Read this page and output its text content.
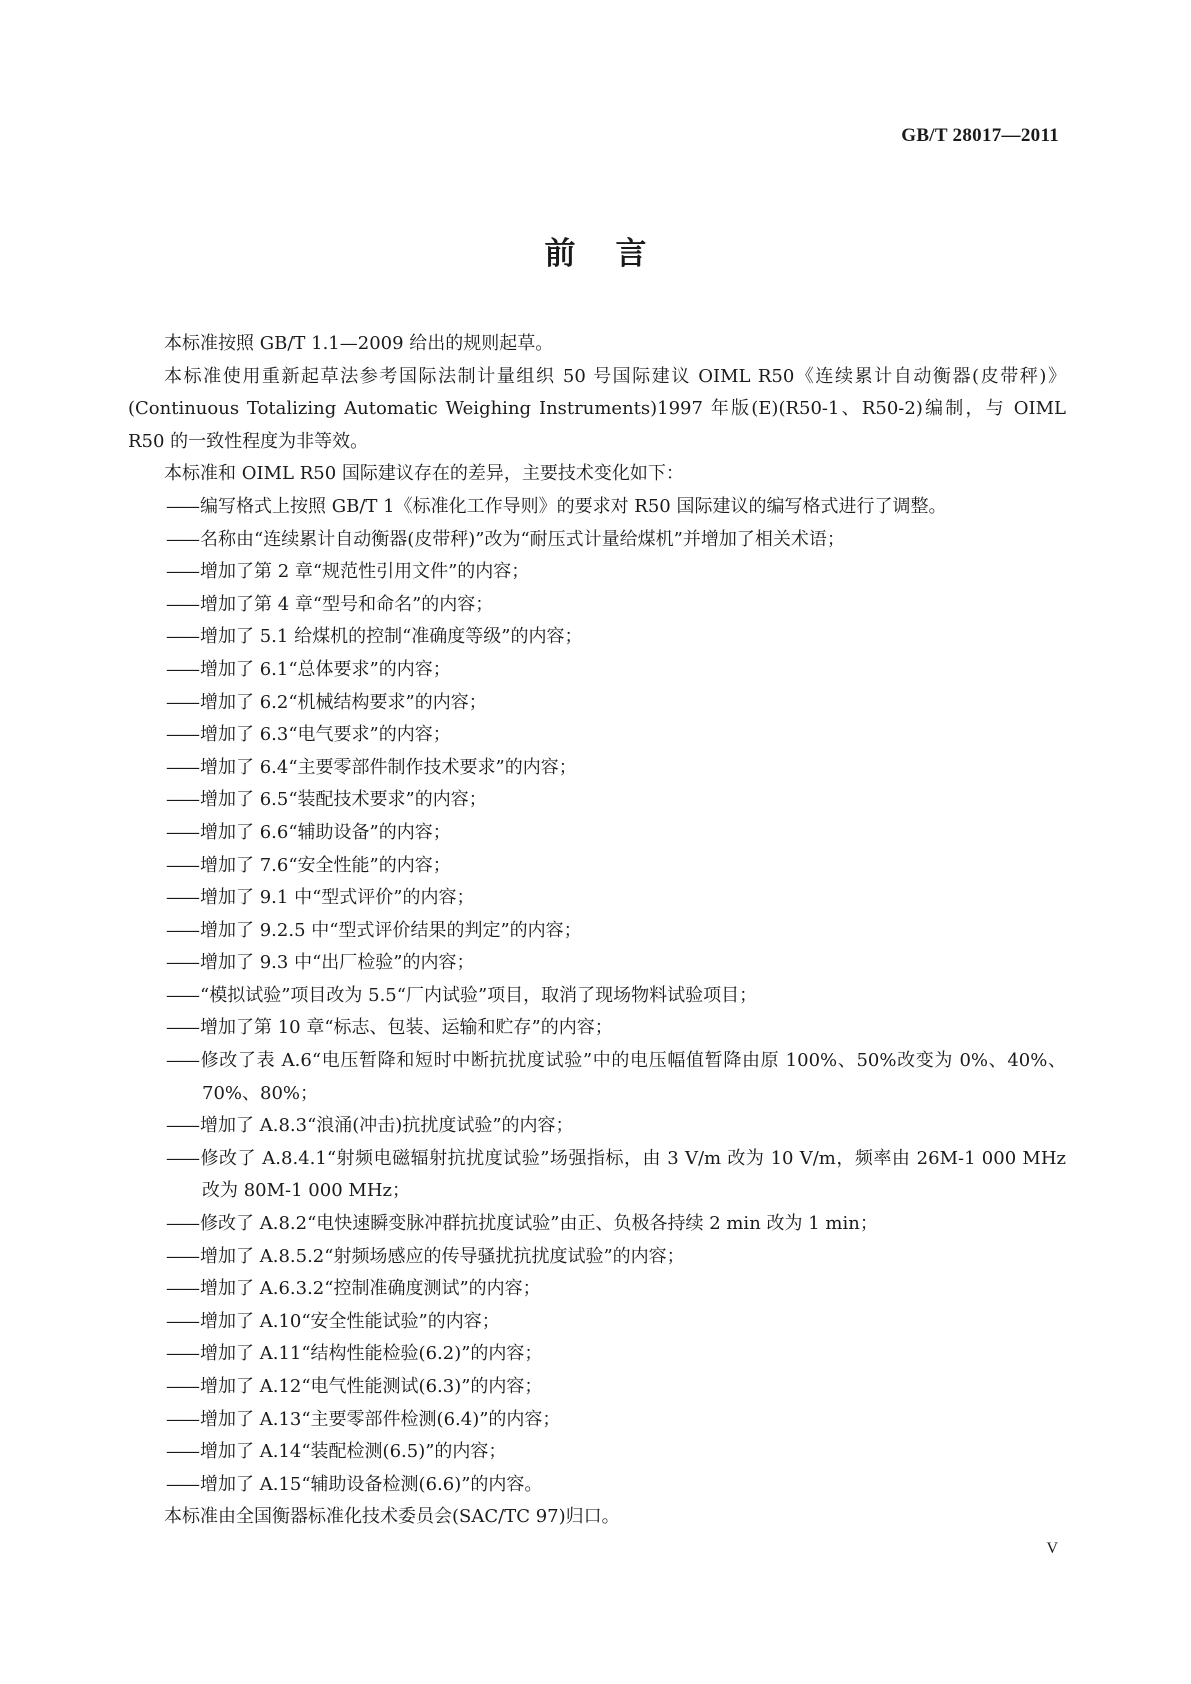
GB/T 28017—2011
前言

本标准按照 GB/T 1.1—2009 给出的规则起草。

本标准使用重新起草法参考国际法制计量组织 50 号国际建议 OIML R50《连续累计自动衡器(皮带秤)》(Continuous Totalizing Automatic Weighing Instruments)1997 年版(E)(R50-1、R50-2)编制，与 OIML R50 的一致性程度为非等效。

本标准和 OIML R50 国际建议存在的差异，主要技术变化如下：

—— 编写格式上按照 GB/T 1《标准化工作导则》的要求对 R50 国际建议的编写格式进行了调整。
—— 名称由“连续累计自动衡器(皮带秤)”改为“耐压式计量给煤机”并增加了相关术语；
—— 增加了第 2 章“规范性引用文件”的内容；
—— 增加了第 4 章“型号和命名”的内容；
—— 增加了 5.1 给煤机的控制“准确度等级”的内容；
—— 增加了 6.1“总体要求”的内容；
—— 增加了 6.2“机械结构要求”的内容；
—— 增加了 6.3“电气要求”的内容；
—— 增加了 6.4“主要零部件制作技术要求”的内容；
—— 增加了 6.5“装配技术要求”的内容；
—— 增加了 6.6“辅助设备”的内容；
—— 增加了 7.6“安全性能”的内容；
—— 增加了 9.1 中“型式评价”的内容；
—— 增加了 9.2.5 中“型式评价结果的判定”的内容；
—— 增加了 9.3 中“出厂检验”的内容；
—— “模拟试验”项目改为 5.5“厂内试验”项目，取消了现场物料试验项目；
—— 增加了第 10 章“标志、包装、运输和贮存”的内容；
—— 修改了表 A.6“电压暂降和短时中断抗扰度试验”中的电压幅值暂降由原 100%、50%改变为 0%、40%、70%、80%；
—— 增加了 A.8.3“浪涌(冲击)抗扰度试验”的内容；
—— 修改了 A.8.4.1“射频电磁辐射抗扰度试验”场强指标，由 3 V/m 改为 10 V/m，频率由 26M-1 000 MHz 改为 80M-1 000 MHz；
—— 修改了 A.8.2“电快速瞬变脉冲群抗扰度试验”由正、负极各持续 2 min 改为 1 min；
—— 增加了 A.8.5.2“射频场感应的传导骚扰抗扰度试验”的内容；
—— 增加了 A.6.3.2“控制准确度测试”的内容；
—— 增加了 A.10“安全性能试验”的内容；
—— 增加了 A.11“结构性能检验(6.2)”的内容；
—— 增加了 A.12“电气性能测试(6.3)”的内容；
—— 增加了 A.13“主要零部件检测(6.4)”的内容；
—— 增加了 A.14“装配检测(6.5)”的内容；
—— 增加了 A.15“辅助设备检测(6.6)”的内容。

本标准由全国衡器标准化技术委员会(SAC/TC 97)归口。

V
